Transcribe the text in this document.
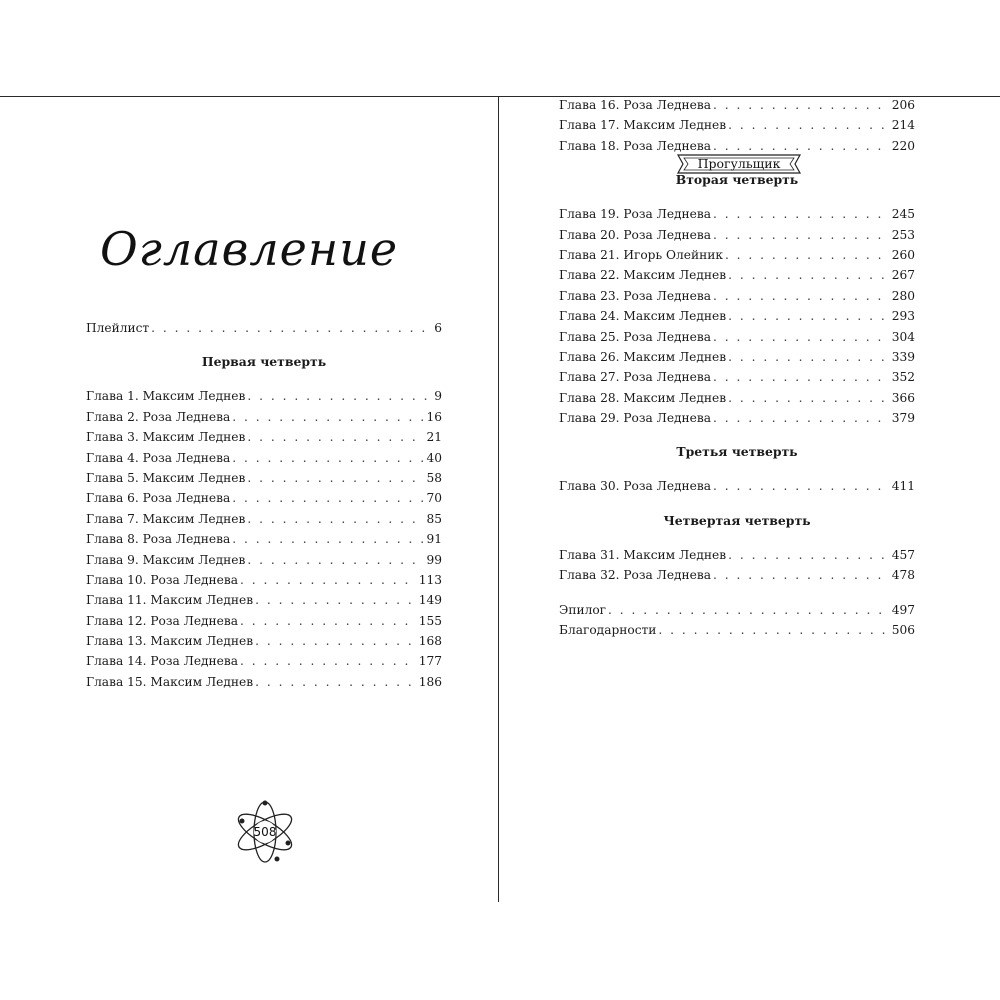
Оглавление
Прогульщик
Плейлист . . .	6
Первая четверть
Глава 1. Максим Леднев . . .	9
Глава 2. Роза Леднева . . .	16
Глава 3. Максим Леднев . . .	21
Глава 4. Роза Леднева . . .	40
Глава 5. Максим Леднев . . .	58
Глава 6. Роза Леднева . . .	70
Глава 7. Максим Леднев . . .	85
Глава 8. Роза Леднева . . .	91
Глава 9. Максим Леднев . . .	99
Глава 10. Роза Леднева . . .	113
Глава 11. Максим Леднев . . .	149
Глава 12. Роза Леднева . . .	155
Глава 13. Максим Леднев . . .	168
Глава 14. Роза Леднева . . .	177
Глава 15. Максим Леднев . . .	186
Глава 16. Роза Леднева . . .	206
Глава 17. Максим Леднев . . .	214
Глава 18. Роза Леднева . . .	220
Вторая четверть
Глава 19. Роза Леднева . . .	245
Глава 20. Роза Леднева . . .	253
Глава 21. Игорь Олейник . . .	260
Глава 22. Максим Леднев . . .	267
Глава 23. Роза Леднева . . .	280
Глава 24. Максим Леднев . . .	293
Глава 25. Роза Леднева . . .	304
Глава 26. Максим Леднев . . .	339
Глава 27. Роза Леднева . . .	352
Глава 28. Максим Леднев . . .	366
Глава 29. Роза Леднева . . .	379
Третья четверть
Глава 30. Роза Леднева . . .	411
Четвертая четверть
Глава 31. Максим Леднев . . .	457
Глава 32. Роза Леднева . . .	478
Эпилог . . .	497
Благодарности . . .	506
508
